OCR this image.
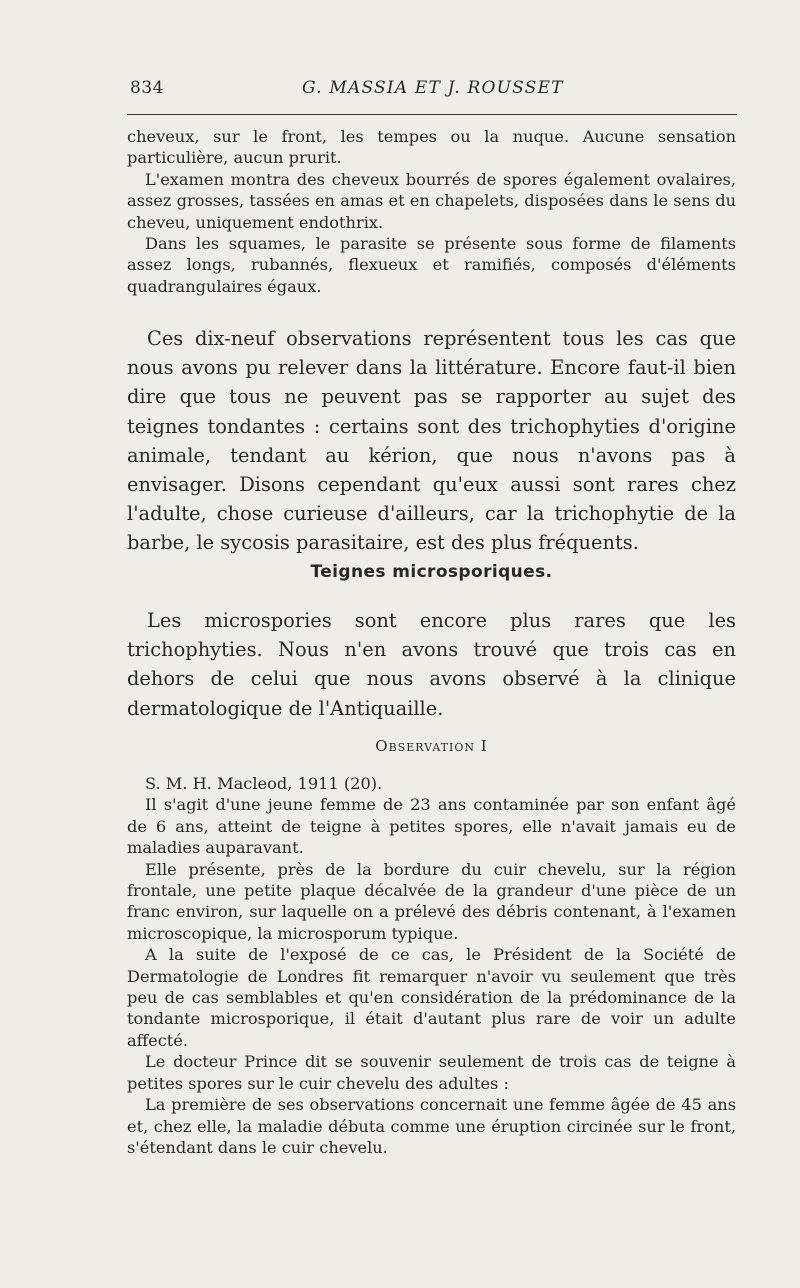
834	G. MASSIA ET J. ROUSSET

cheveux, sur le front, les tempes ou la nuque. Aucune sensation particulière, aucun prurit.

L'examen montra des cheveux bourrés de spores également ovalaires, assez grosses, tassées en amas et en chapelets, disposées dans le sens du cheveu, uniquement endothrix.

Dans les squames, le parasite se présente sous forme de filaments assez longs, rubannés, flexueux et ramifiés, composés d'éléments quadrangulaires égaux.

Ces dix-neuf observations représentent tous les cas que nous avons pu relever dans la littérature. Encore faut-il bien dire que tous ne peuvent pas se rapporter au sujet des teignes tondantes : certains sont des trichophyties d'origine animale, tendant au kérion, que nous n'avons pas à envisager. Disons cependant qu'eux aussi sont rares chez l'adulte, chose curieuse d'ailleurs, car la trichophytie de la barbe, le sycosis parasitaire, est des plus fréquents.

Teignes microsporiques.

Les microspories sont encore plus rares que les trichophyties. Nous n'en avons trouvé que trois cas en dehors de celui que nous avons observé à la clinique dermatologique de l'Antiquaille.

Observation I

S. M. H. Macleod, 1911 (20).

Il s'agit d'une jeune femme de 23 ans contaminée par son enfant âgé de 6 ans, atteint de teigne à petites spores, elle n'avait jamais eu de maladies auparavant.

Elle présente, près de la bordure du cuir chevelu, sur la région frontale, une petite plaque décalvée de la grandeur d'une pièce de un franc environ, sur laquelle on a prélevé des débris contenant, à l'examen microscopique, la microsporum typique.

A la suite de l'exposé de ce cas, le Président de la Société de Dermatologie de Londres fit remarquer n'avoir vu seulement que très peu de cas semblables et qu'en considération de la prédominance de la tondante microsporique, il était d'autant plus rare de voir un adulte affecté.

Le docteur Prince dit se souvenir seulement de trois cas de teigne à petites spores sur le cuir chevelu des adultes :

La première de ses observations concernait une femme âgée de 45 ans et, chez elle, la maladie débuta comme une éruption circinée sur le front, s'étendant dans le cuir chevelu.
